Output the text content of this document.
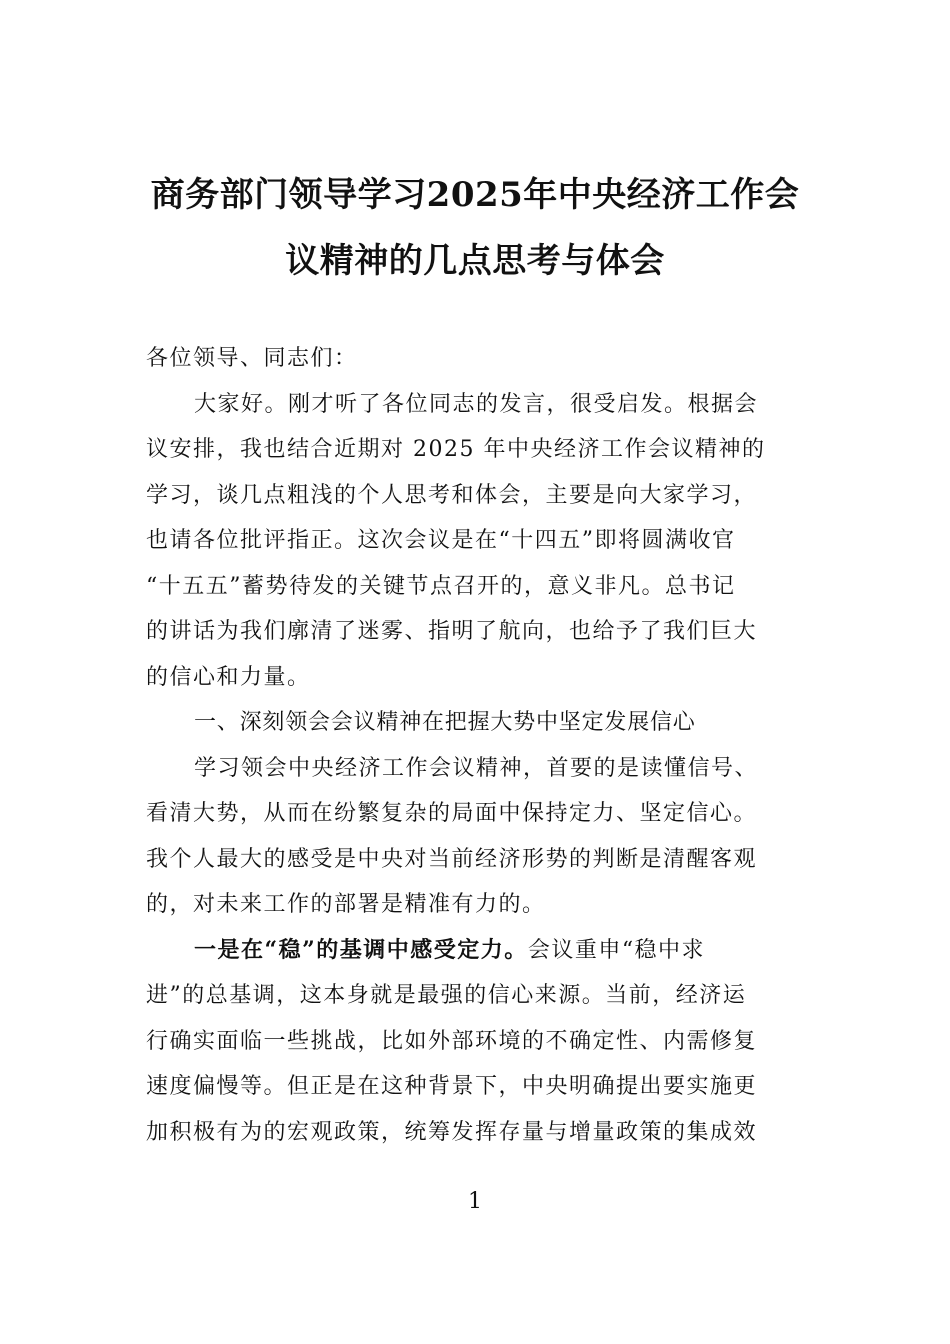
商务部门领导学习2025年中央经济工作会
议精神的几点思考与体会
各位领导、同志们：
大家好。刚才听了各位同志的发言，很受启发。根据会
议安排，我也结合近期对 2025 年中央经济工作会议精神的
学习，谈几点粗浅的个人思考和体会，主要是向大家学习，
也请各位批评指正。这次会议是在“十四五”即将圆满收官
“十五五”蓄势待发的关键节点召开的，意义非凡。总书记
的讲话为我们廓清了迷雾、指明了航向，也给予了我们巨大
的信心和力量。
一、深刻领会会议精神在把握大势中坚定发展信心
学习领会中央经济工作会议精神，首要的是读懂信号、
看清大势，从而在纷繁复杂的局面中保持定力、坚定信心。
我个人最大的感受是中央对当前经济形势的判断是清醒客观
的，对未来工作的部署是精准有力的。
一是在“稳”的基调中感受定力。会议重申“稳中求
进”的总基调，这本身就是最强的信心来源。当前，经济运
行确实面临一些挑战，比如外部环境的不确定性、内需修复
速度偏慢等。但正是在这种背景下，中央明确提出要实施更
加积极有为的宏观政策，统筹发挥存量与增量政策的集成效
1
